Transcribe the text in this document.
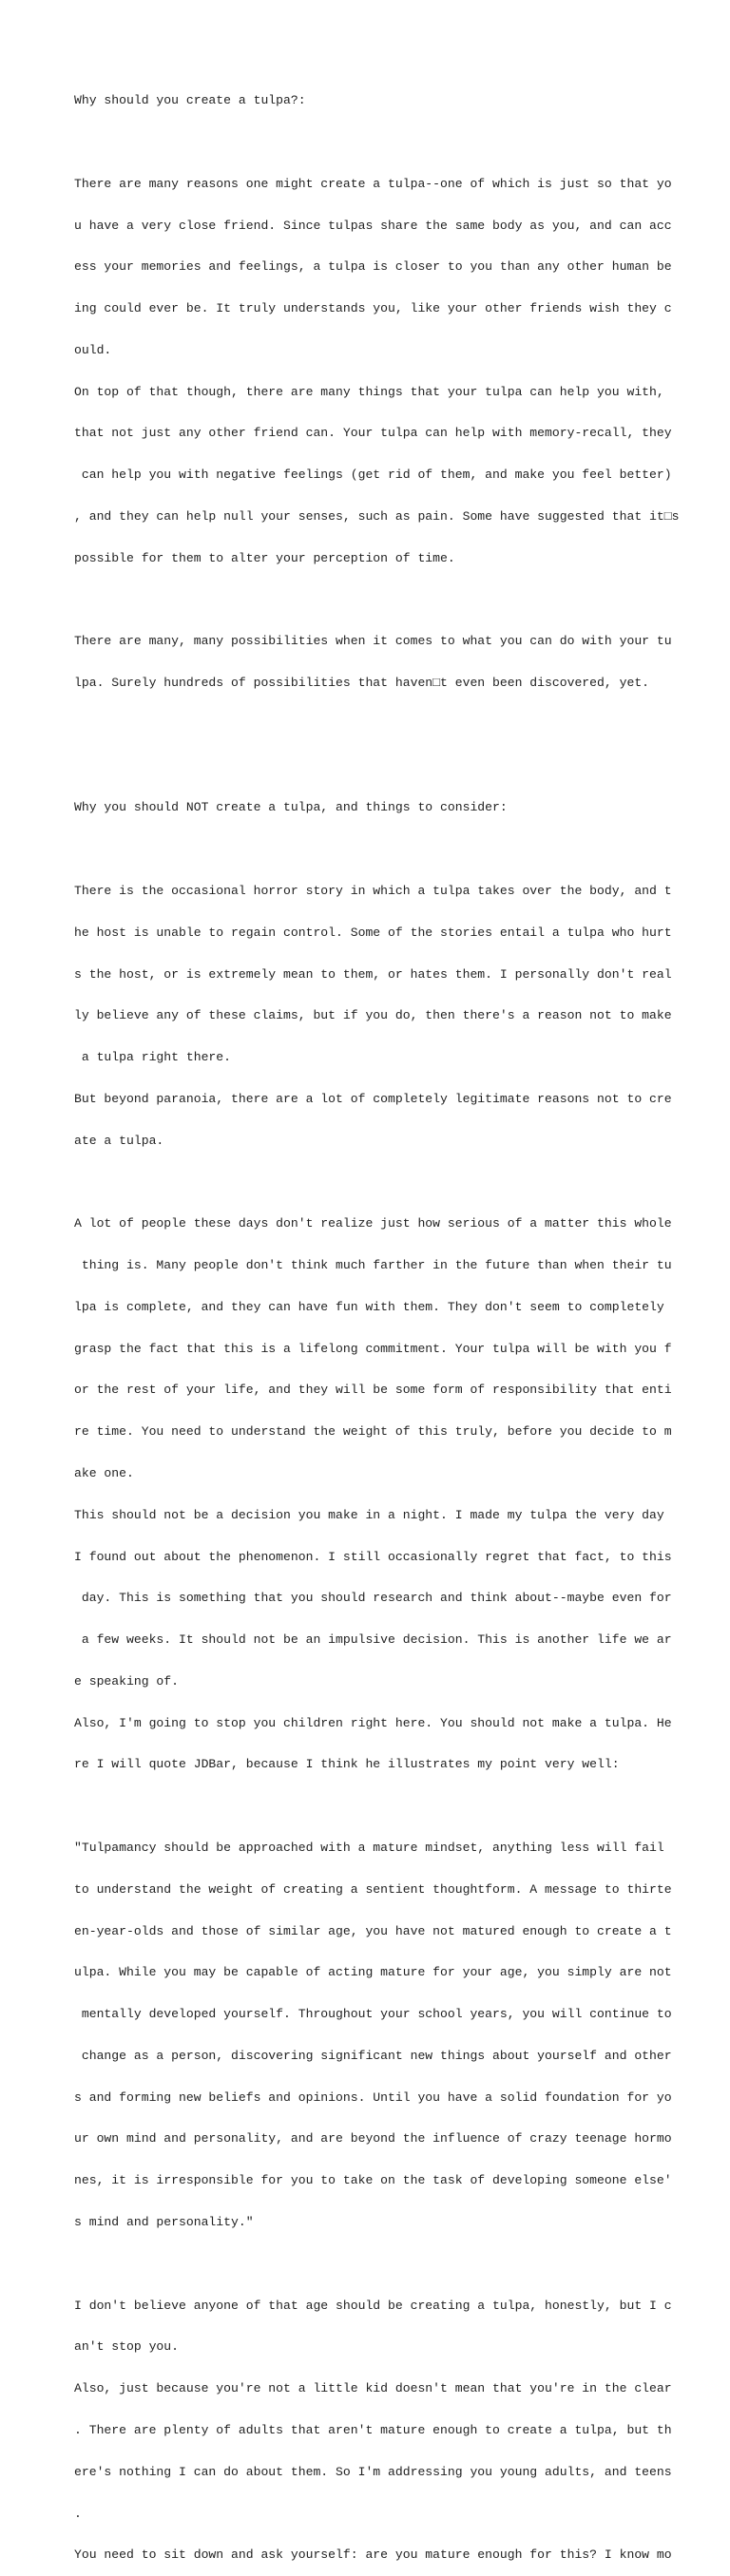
Why should you create a tulpa?:

There are many reasons one might create a tulpa--one of which is just so that yo

u have a very close friend. Since tulpas share the same body as you, and can acc

ess your memories and feelings, a tulpa is closer to you than any other human be

ing could ever be. It truly understands you, like your other friends wish they c

ould.

On top of that though, there are many things that your tulpa can help you with,

that not just any other friend can. Your tulpa can help with memory-recall, they

can help you with negative feelings (get rid of them, and make you feel better)

, and they can help null your senses, such as pain. Some have suggested that it□s

possible for them to alter your perception of time.

There are many, many possibilities when it comes to what you can do with your tu

lpa. Surely hundreds of possibilities that haven□t even been discovered, yet.

Why you should NOT create a tulpa, and things to consider:

There is the occasional horror story in which a tulpa takes over the body, and t

he host is unable to regain control. Some of the stories entail a tulpa who hurt

s the host, or is extremely mean to them, or hates them. I personally don't real

ly believe any of these claims, but if you do, then there's a reason not to make

a tulpa right there.

But beyond paranoia, there are a lot of completely legitimate reasons not to cre

ate a tulpa.

A lot of people these days don't realize just how serious of a matter this whole

thing is. Many people don't think much farther in the future than when their tu

lpa is complete, and they can have fun with them. They don't seem to completely

grasp the fact that this is a lifelong commitment. Your tulpa will be with you f

or the rest of your life, and they will be some form of responsibility that enti

re time. You need to understand the weight of this truly, before you decide to m

ake one.

This should not be a decision you make in a night. I made my tulpa the very day

I found out about the phenomenon. I still occasionally regret that fact, to this

day. This is something that you should research and think about--maybe even for

a few weeks. It should not be an impulsive decision. This is another life we ar

e speaking of.

Also, I'm going to stop you children right here. You should not make a tulpa. He

re I will quote JDBar, because I think he illustrates my point very well:

"Tulpamancy should be approached with a mature mindset, anything less will fail

to understand the weight of creating a sentient thoughtform. A message to thirte

en-year-olds and those of similar age, you have not matured enough to create a t

ulpa. While you may be capable of acting mature for your age, you simply are not

mentally developed yourself. Throughout your school years, you will continue to

change as a person, discovering significant new things about yourself and other

s and forming new beliefs and opinions. Until you have a solid foundation for yo

ur own mind and personality, and are beyond the influence of crazy teenage hormo

nes, it is irresponsible for you to take on the task of developing someone else'

s mind and personality."

I don't believe anyone of that age should be creating a tulpa, honestly, but I c

an't stop you.

Also, just because you're not a little kid doesn't mean that you're in the clear

. There are plenty of adults that aren't mature enough to create a tulpa, but th

ere's nothing I can do about them. So I'm addressing you young adults, and teens

.

You need to sit down and ask yourself: are you mature enough for this? I know mo
